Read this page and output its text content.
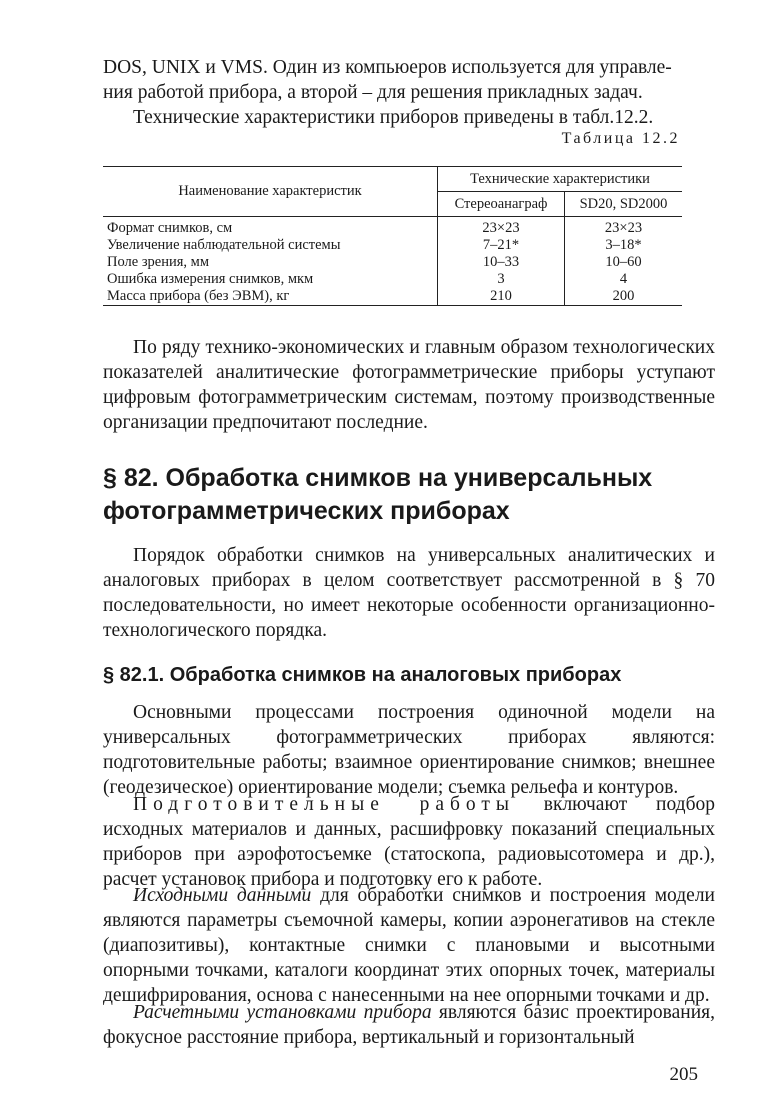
DOS, UNIX и VMS. Один из компьюеров используется для управле-
ния работой прибора, а второй – для решения прикладных задач.

Технические характеристики приборов приведены в табл.12.2.

Таблица 12.2

Наименование характеристик	Технические характеристики	
	Стереоанаграф	SD20, SD2000
Формат снимков, см	23×23	23×23
Увеличение наблюдательной системы	7–21*	3–18*
Поле зрения, мм	10–33	10–60
Ошибка измерения снимков, мкм	3	4
Масса прибора (без ЭВМ), кг	210	200

По ряду технико-экономических и главным образом технологических показателей аналитические фотограмметрические приборы уступают цифровым фотограмметрическим системам, поэтому производственные организации предпочитают последние.

§ 82. Обработка снимков на универсальных
фотограмметрических приборах

Порядок обработки снимков на универсальных аналитических и аналоговых приборах в целом соответствует рассмотренной в § 70 последовательности, но имеет некоторые особенности организационно-технологического порядка.

§ 82.1. Обработка снимков на аналоговых приборах

Основными процессами построения одиночной модели на универсальных фотограмметрических приборах являются: подготовительные работы; взаимное ориентирование снимков; внешнее (геодезическое) ориентирование модели; съемка рельефа и контуров.

Подготовительные работы включают подбор исходных материалов и данных, расшифровку показаний специальных приборов при аэрофотосъемке (статоскопа, радиовысотомера и др.), расчет установок прибора и подготовку его к работе.

Исходными данными для обработки снимков и построения модели являются параметры съемочной камеры, копии аэронегативов на стекле (диапозитивы), контактные снимки с плановыми и высотными опорными точками, каталоги координат этих опорных точек, материалы дешифрирования, основа с нанесенными на нее опорными точками и др.

Расчетными установками прибора являются базис проектирования, фокусное расстояние прибора, вертикальный и горизонтальный

205
